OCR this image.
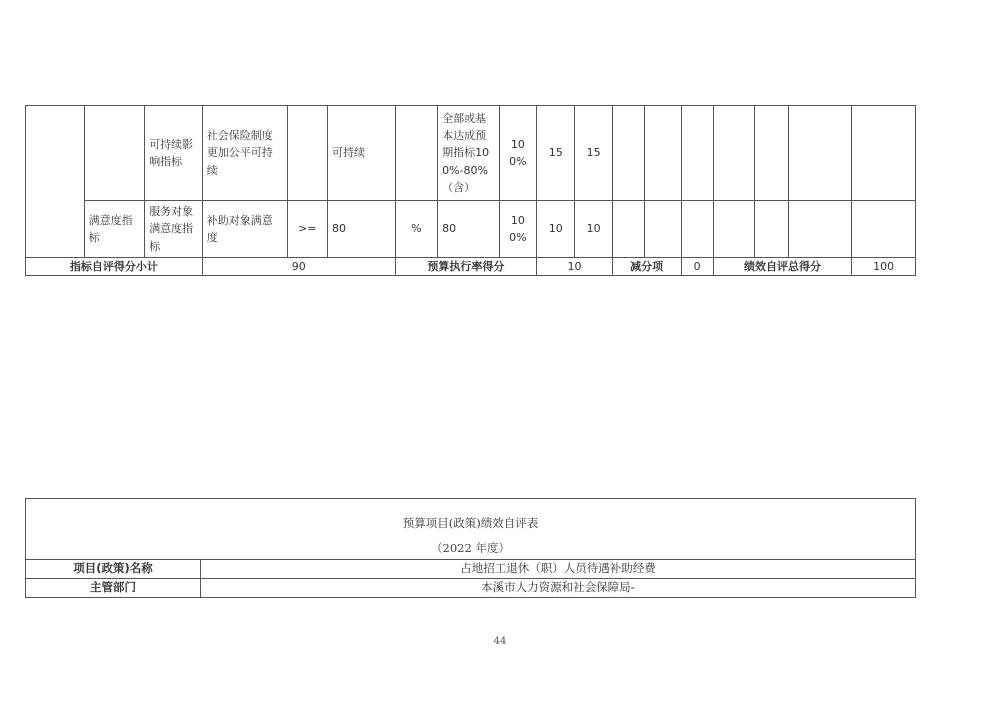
		可持续影响指标	社会保险制度更加公平可持续		可持续		全部或基本达成预期指标100%-80%（含）	100%	15	15							
	满意度指标	服务对象满意度指标	补助对象满意度	>=	80	%	80	100%	10	10							
指标自评得分小计			90			预算执行率得分			10		减分项		0	绩效自评总得分			100
预算项目(政策)绩效自评表	
（2022 年度）	
项目(政策)名称	占地招工退休（职）人员待遇补助经费
主管部门	本溪市人力资源和社会保障局-
44
